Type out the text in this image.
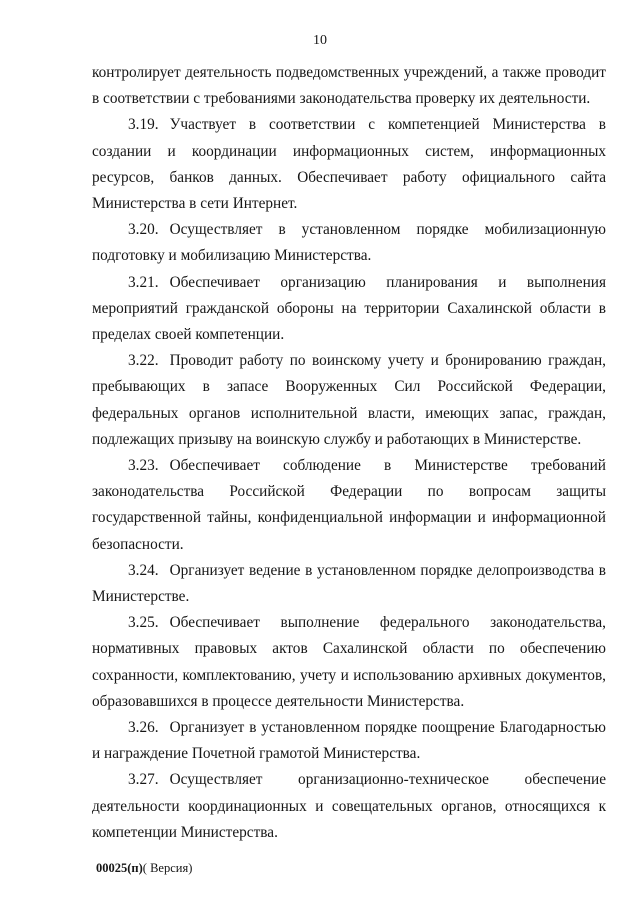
10

контролирует деятельность подведомственных учреждений, а также проводит в соответствии с требованиями законодательства проверку их деятельности.

3.19. Участвует в соответствии с компетенцией Министерства в создании и координации информационных систем, информационных ресурсов, банков данных. Обеспечивает работу официального сайта Министерства в сети Интернет.

3.20. Осуществляет в установленном порядке мобилизационную подготовку и мобилизацию Министерства.

3.21. Обеспечивает организацию планирования и выполнения мероприятий гражданской обороны на территории Сахалинской области в пределах своей компетенции.

3.22. Проводит работу по воинскому учету и бронированию граждан, пребывающих в запасе Вооруженных Сил Российской Федерации, федеральных органов исполнительной власти, имеющих запас, граждан, подлежащих призыву на воинскую службу и работающих в Министерстве.

3.23. Обеспечивает соблюдение в Министерстве требований законодательства Российской Федерации по вопросам защиты государственной тайны, конфиденциальной информации и информационной безопасности.

3.24. Организует ведение в установленном порядке делопроизводства в Министерстве.

3.25. Обеспечивает выполнение федерального законодательства, нормативных правовых актов Сахалинской области по обеспечению сохранности, комплектованию, учету и использованию архивных документов, образовавшихся в процессе деятельности Министерства.

3.26. Организует в установленном порядке поощрение Благодарностью и награждение Почетной грамотой Министерства.

3.27. Осуществляет организационно-техническое обеспечение деятельности координационных и совещательных органов, относящихся к компетенции Министерства.

00025(п)( Версия)
